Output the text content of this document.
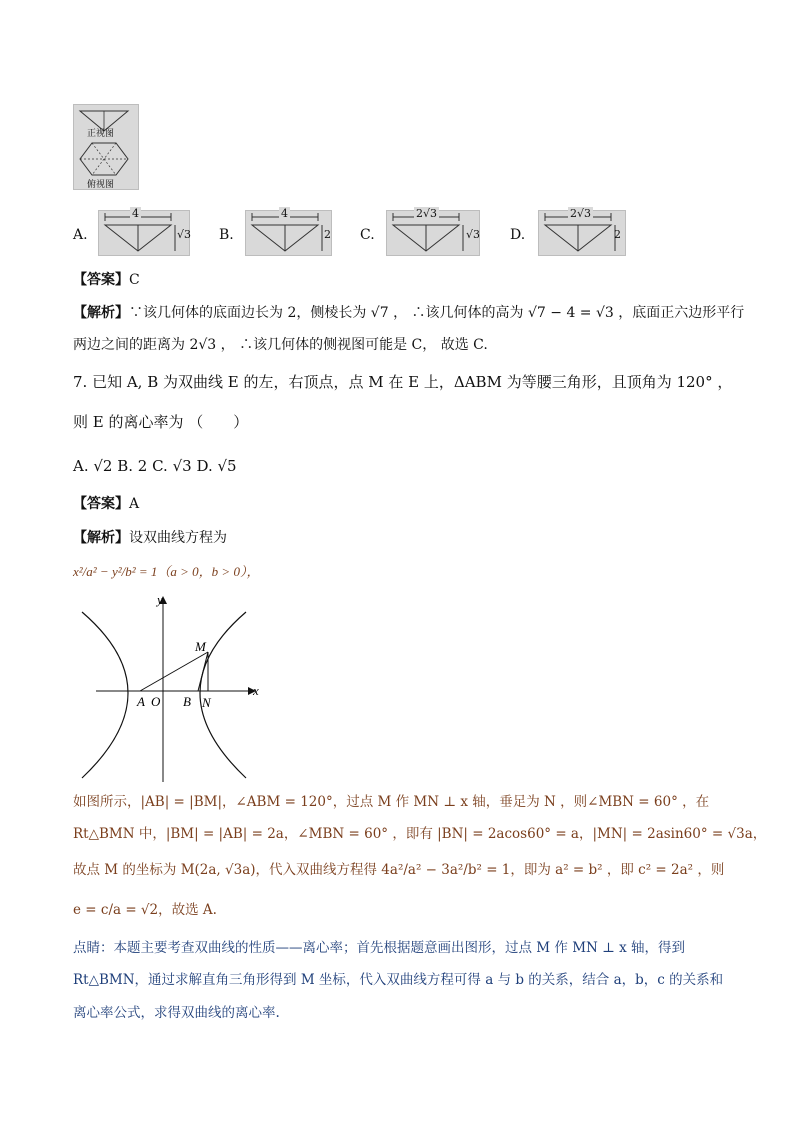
正视图
俯视图
A.
4
√3 B.
4
2 C.
2√3
√3 D.
2√3
2
【答案】C
【解析】∵该几何体的底面边长为 2，侧棱长为 √7 ， ∴该几何体的高为 √7 − 4 = √3 ，底面正六边形平行
两边之间的距离为 2√3 ， ∴该几何体的侧视图可能是 C， 故选 C.
7. 已知 A, B 为双曲线 E 的左，右顶点，点 M 在 E 上，ΔABM 为等腰三角形，且顶角为 120° ，
则 E 的离心率为 （　　）
A. √2 B. 2 C. √3 D. √5
【答案】A
【解析】设双曲线方程为
x²/a² − y²/b² = 1（a > 0，b > 0），
y
x
A O B N
M
如图所示，|AB| = |BM|，∠ABM = 120°，过点 M 作 MN ⊥ x 轴，垂足为 N ，则∠MBN = 60° ，在
Rt△BMN 中，|BM| = |AB| = 2a，∠MBN = 60° ，即有 |BN| = 2acos60° = a，|MN| = 2asin60° = √3a，
故点 M 的坐标为 M(2a, √3a)，代入双曲线方程得 4a²/a² − 3a²/b² = 1，即为 a² = b² ，即 c² = 2a² ，则
e = c/a = √2，故选 A.
点睛：本题主要考查双曲线的性质——离心率；首先根据题意画出图形，过点 M 作 MN ⊥ x 轴，得到
Rt△BMN，通过求解直角三角形得到 M 坐标，代入双曲线方程可得 a 与 b 的关系，结合 a，b，c 的关系和
离心率公式，求得双曲线的离心率.
